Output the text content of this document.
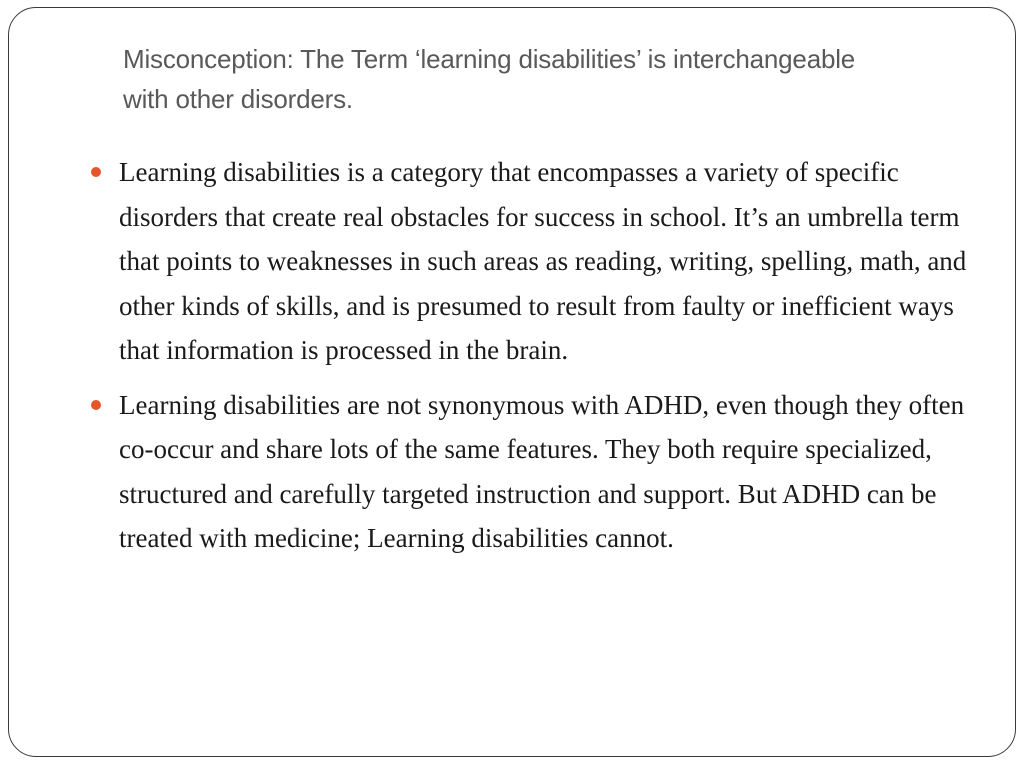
Misconception: The Term ‘learning disabilities’ is interchangeable with other disorders.
Learning disabilities is a category that encompasses a variety of specific disorders that create real obstacles for success in school. It’s an umbrella term that points to weaknesses in such areas as reading, writing, spelling, math, and other kinds of skills, and is presumed to result from faulty or inefficient ways that information is processed in the brain.
Learning disabilities are not synonymous with ADHD, even though they often co-occur and share lots of the same features. They both require specialized, structured and carefully targeted instruction and support. But ADHD can be treated with medicine; Learning disabilities cannot.
